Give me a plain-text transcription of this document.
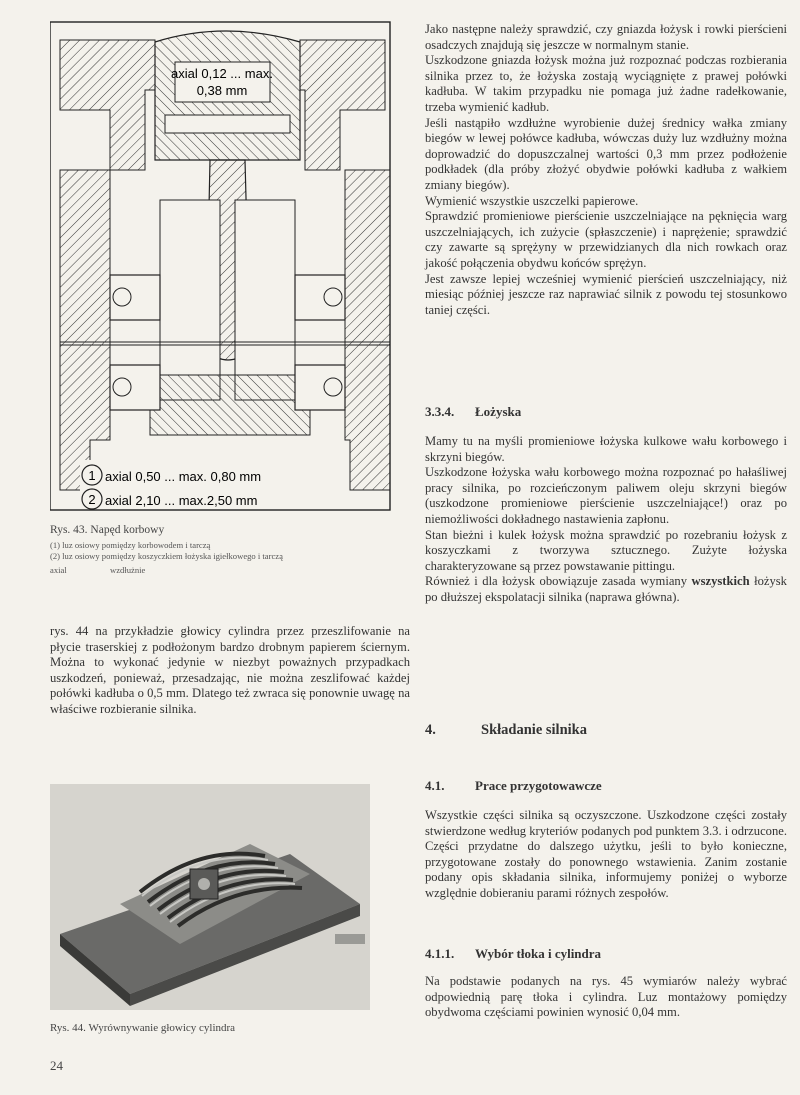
axial 0,12 ... max.
0,38 mm
1 axial 0,50 ... max. 0,80 mm
2 axial 2,10 ... max.2,50 mm
Rys. 43. Napęd korbowy
(1) luz osiowy pomiędzy korbowodem i tarczą
(2) luz osiowy pomiędzy koszyczkiem łożyska igiełkowego i tarczą
axial	wzdłużnie

rys. 44 na przykładzie głowicy cylindra przez przeszlifowanie na płycie traserskiej z podłożonym bardzo drobnym papierem ściernym. Można to wykonać jedynie w niezbyt poważnych przypadkach uszkodzeń, ponieważ, przesadzając, nie można zeszlifować każdej połówki kadłuba o 0,5 mm. Dlatego też zwraca się ponownie uwagę na właściwe rozbieranie silnika.

Rys. 44. Wyrównywanie głowicy cylindra
24

Jako następne należy sprawdzić, czy gniazda łożysk i rowki pierścieni osadczych znajdują się jeszcze w normalnym stanie.

Uszkodzone gniazda łożysk można już rozpoznać podczas rozbierania silnika przez to, że łożyska zostają wyciągnięte z prawej połówki kadłuba. W takim przypadku nie pomaga już żadne radełkowanie, trzeba wymienić kadłub.

Jeśli nastąpiło wzdłużne wyrobienie dużej średnicy wałka zmiany biegów w lewej połówce kadłuba, wówczas duży luz wzdłużny można doprowadzić do dopuszczalnej wartości 0,3 mm przez podłożenie podkładek (dla próby złożyć obydwie połówki kadłuba z wałkiem zmiany biegów).

Wymienić wszystkie uszczelki papierowe.

Sprawdzić promieniowe pierścienie uszczelniające na pęknięcia warg uszczelniających, ich zużycie (spłaszczenie) i naprężenie; sprawdzić czy zawarte są sprężyny w przewidzianych dla nich rowkach oraz jakość połączenia obydwu końców sprężyn.

Jest zawsze lepiej wcześniej wymienić pierścień uszczelniający, niż miesiąc później jeszcze raz naprawiać silnik z powodu tej stosunkowo taniej części.

3.3.4. Łożyska

Mamy tu na myśli promieniowe łożyska kulkowe wału korbowego i skrzyni biegów.

Uszkodzone łożyska wału korbowego można rozpoznać po hałaśliwej pracy silnika, po rozcieńczonym paliwem oleju skrzyni biegów (uszkodzone promieniowe pierścienie uszczelniające!) oraz po niemożliwości dokładnego nastawienia zapłonu.

Stan bieżni i kulek łożysk można sprawdzić po rozebraniu łożysk z koszyczkami z tworzywa sztucznego. Zużyte łożyska charakteryzowane są przez powstawanie pittingu.

Również i dla łożysk obowiązuje zasada wymiany wszystkich łożysk po dłuższej ekspolatacji silnika (naprawa główna).

4.	Składanie silnika
4.1. Prace przygotowawcze

Wszystkie części silnika są oczyszczone. Uszkodzone części zostały stwierdzone według kryteriów podanych pod punktem 3.3. i odrzucone. Części przydatne do dalszego użytku, jeśli to było konieczne, przygotowane zostały do ponownego wstawienia. Zanim zostanie podany opis składania silnika, informujemy poniżej o wyborze względnie dobieraniu parami różnych zespołów.

4.1.1. Wybór tłoka i cylindra

Na podstawie podanych na rys. 45 wymiarów należy wybrać odpowiednią parę tłoka i cylindra. Luz montażowy pomiędzy obydwoma częściami powinien wynosić 0,04 mm.
